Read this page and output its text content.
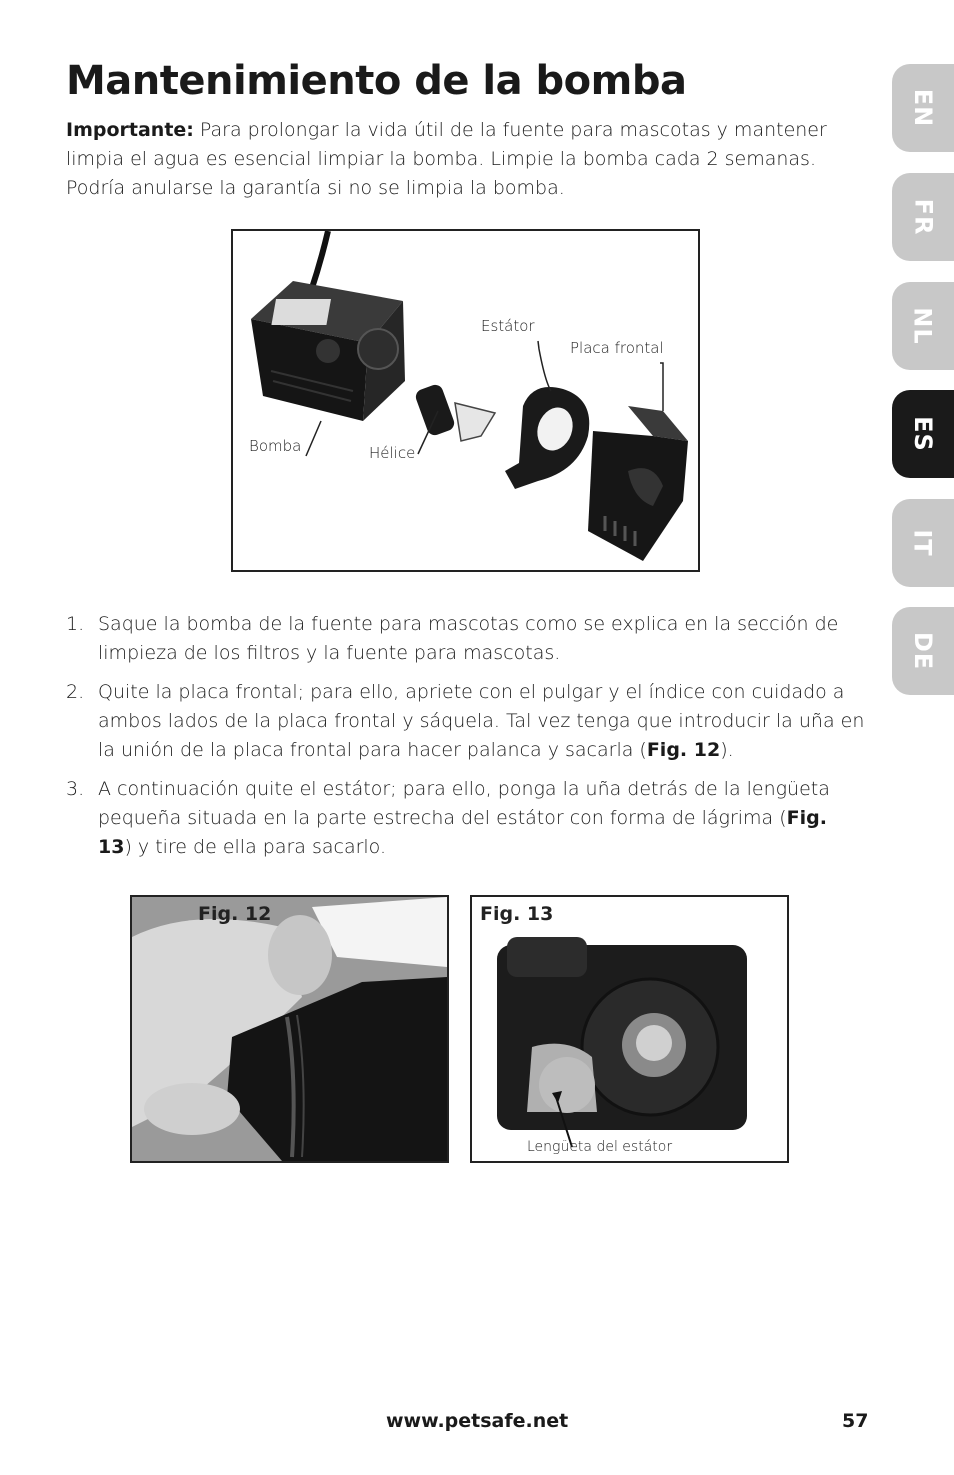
Mantenimiento de la bomba

Importante: Para prolongar la vida útil de la fuente para mascotas y mantener limpia el agua es esencial limpiar la bomba. Limpie la bomba cada 2 semanas. Podría anularse la garantía si no se limpia la bomba.

EN
FR
NL
ES
IT
DE
Estátor
Placa frontal
Bomba	Hélice
1. Saque la bomba de la fuente para mascotas como se explica en la sección de limpieza de los filtros y la fuente para mascotas.
2. Quite la placa frontal; para ello, apriete con el pulgar y el índice con cuidado a ambos lados de la placa frontal y sáquela. Tal vez tenga que introducir la uña en la unión de la placa frontal para hacer palanca y sacarla (Fig. 12).
3. A continuación quite el estátor; para ello, ponga la uña detrás de la lengüeta pequeña situada en la parte estrecha del estátor con forma de lágrima (Fig. 13) y tire de ella para sacarlo.
Fig. 12	Fig. 13
Lengüeta del estátor
www.petsafe.net	57
